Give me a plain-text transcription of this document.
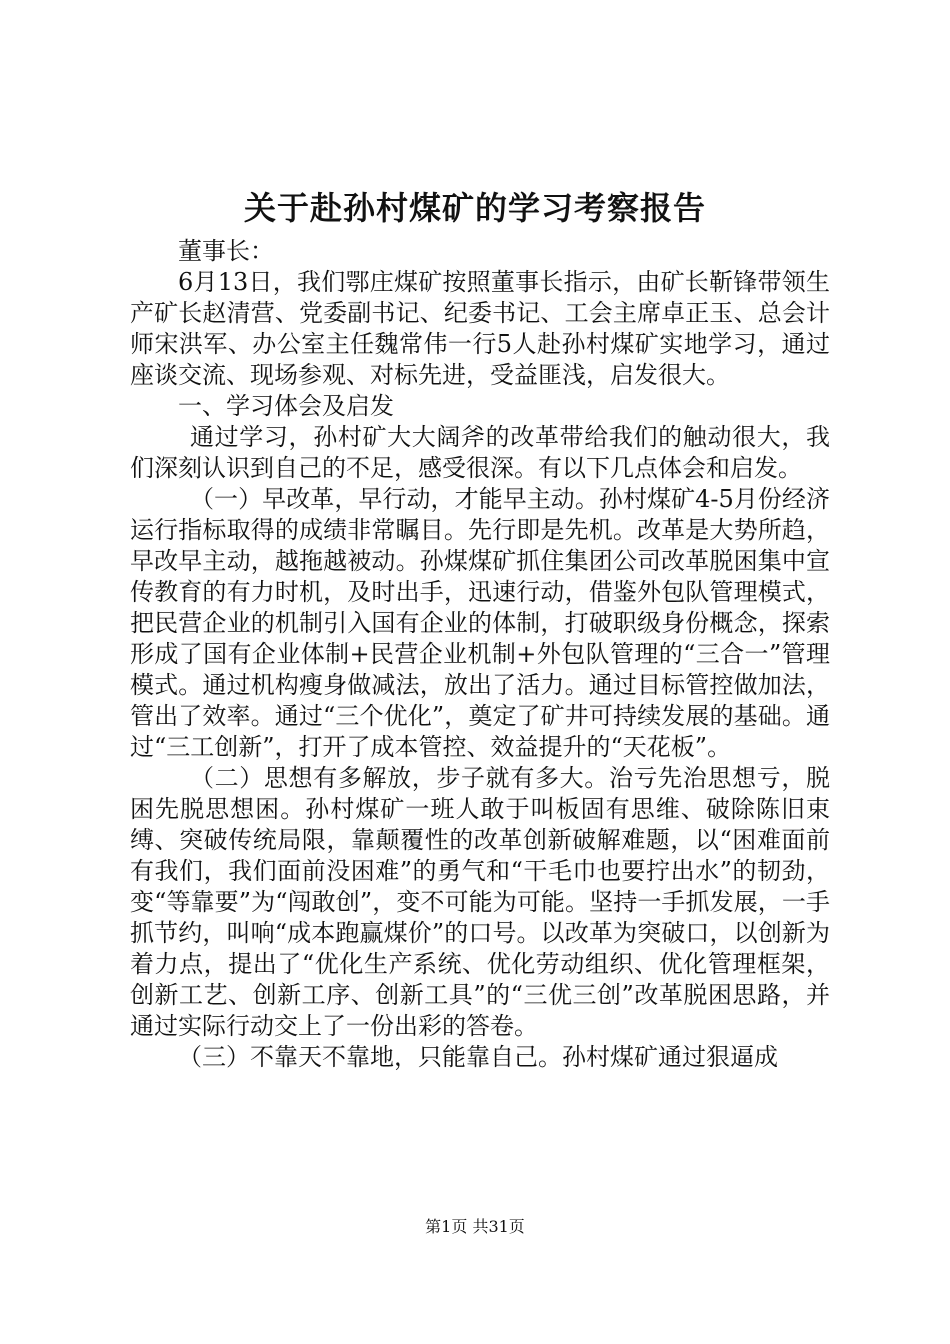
关于赴孙村煤矿的学习考察报告

董事长：

6月13日，我们鄂庄煤矿按照董事长指示，由矿长靳锋带领生产矿长赵清营、党委副书记、纪委书记、工会主席卓正玉、总会计师宋洪军、办公室主任魏常伟一行5人赴孙村煤矿实地学习，通过座谈交流、现场参观、对标先进，受益匪浅，启发很大。

一、学习体会及启发

通过学习，孙村矿大大阔斧的改革带给我们的触动很大，我们深刻认识到自己的不足，感受很深。有以下几点体会和启发。

（一）早改革，早行动，才能早主动。孙村煤矿4-5月份经济运行指标取得的成绩非常瞩目。先行即是先机。改革是大势所趋，早改早主动，越拖越被动。孙煤煤矿抓住集团公司改革脱困集中宣传教育的有力时机，及时出手，迅速行动，借鉴外包队管理模式，把民营企业的机制引入国有企业的体制，打破职级身份概念，探索形成了国有企业体制+民营企业机制+外包队管理的“三合一”管理模式。通过机构瘦身做减法，放出了活力。通过目标管控做加法，管出了效率。通过“三个优化”，奠定了矿井可持续发展的基础。通过“三工创新”，打开了成本管控、效益提升的“天花板”。

（二）思想有多解放，步子就有多大。治亏先治思想亏，脱困先脱思想困。孙村煤矿一班人敢于叫板固有思维、破除陈旧束缚、突破传统局限，靠颠覆性的改革创新破解难题，以“困难面前有我们，我们面前没困难”的勇气和“干毛巾也要拧出水”的韧劲，变“等靠要”为“闯敢创”，变不可能为可能。坚持一手抓发展，一手抓节约，叫响“成本跑赢煤价”的口号。以改革为突破口，以创新为着力点，提出了“优化生产系统、优化劳动组织、优化管理框架，创新工艺、创新工序、创新工具”的“三优三创”改革脱困思路，并通过实际行动交上了一份出彩的答卷。

（三）不靠天不靠地，只能靠自己。孙村煤矿通过狠逼成

第1页 共31页
